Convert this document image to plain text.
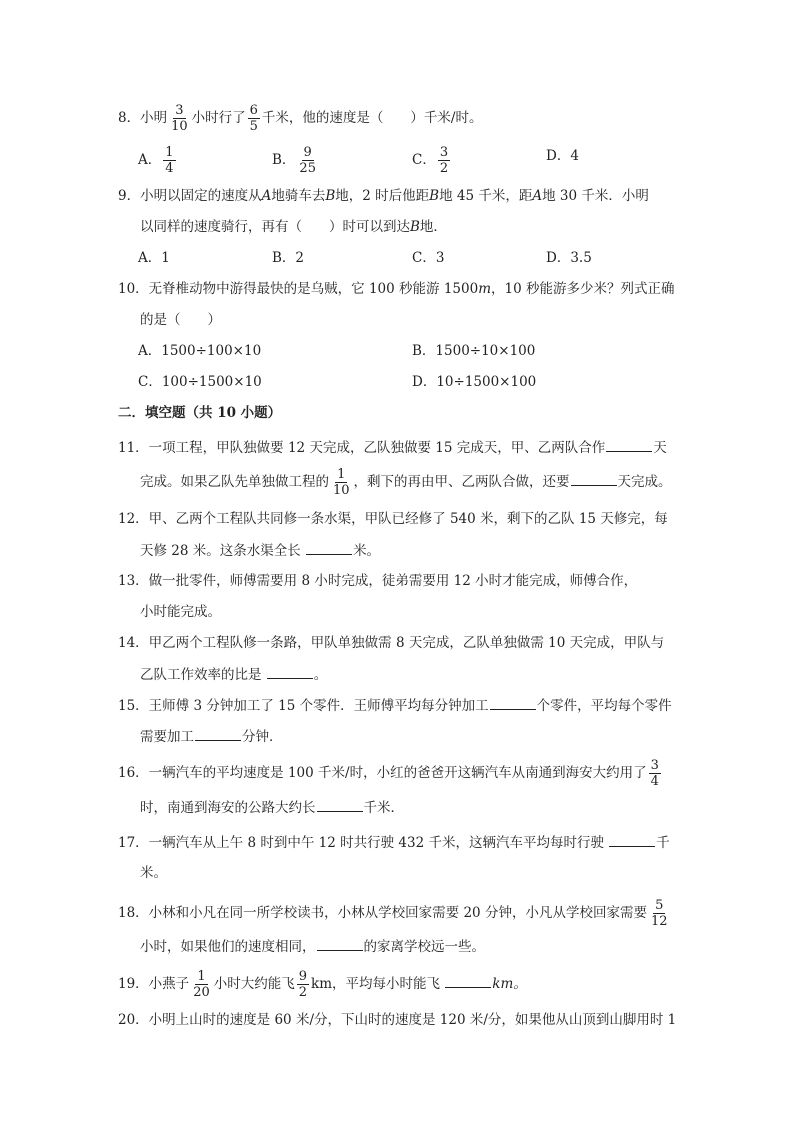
8．小明 $\frac{3}{10}$ 小时行了 $\frac{6}{5}$ 千米，他的速度是（　　）千米/时。
A． $\frac{1}{4}$	B． $\frac{9}{25}$	C． $\frac{3}{2}$	D．4
9．小明以固定的速度从A地骑车去B地，2 时后他距B地 45 千米，距A地 30 千米．小明
以同样的速度骑行，再有（　　）时可以到达B地．
A．1	B．2	C．3	D．3.5
10．无脊椎动物中游得最快的是乌贼，它 100 秒能游 1500m，10 秒能游多少米？列式正确
的是（　　）
A．1500÷100×10	B．1500÷10×100
C．100÷1500×10	D．10÷1500×100
二．填空题（共 10 小题）
11．一项工程，甲队独做要 12 天完成，乙队独做要 15 完成天，甲、乙两队合作	天
完成。如果乙队先单独做工程的 $\frac{1}{10}$ ，剩下的再由甲、乙两队合做，还要	天完成。
12．甲、乙两个工程队共同修一条水渠，甲队已经修了 540 米，剩下的乙队 15 天修完，每
天修 28 米。这条水渠全长	米。
13．做一批零件，师傅需要用 8 小时完成，徒弟需要用 12 小时才能完成，师傅合作，
小时能完成。
14．甲乙两个工程队修一条路，甲队单独做需 8 天完成，乙队单独做需 10 天完成，甲队与
乙队工作效率的比是	。
15．王师傅 3 分钟加工了 15 个零件．王师傅平均每分钟加工	个零件，平均每个零件
需要加工	分钟．
16．一辆汽车的平均速度是 100 千米/时，小红的爸爸开这辆汽车从南通到海安大约用了 $\frac{3}{4}$
时，南通到海安的公路大约长	千米．
17．一辆汽车从上午 8 时到中午 12 时共行驶 432 千米，这辆汽车平均每时行驶	千
米。
18．小林和小凡在同一所学校读书，小林从学校回家需要 20 分钟，小凡从学校回家需要 $\frac{5}{12}$
小时，如果他们的速度相同，	的家离学校远一些。
19．小燕子 $\frac{1}{20}$ 小时大约能飞 $\frac{9}{2}$ km，平均每小时能飞	km。
20．小明上山时的速度是 60 米/分，下山时的速度是 120 米/分，如果他从山顶到山脚用时 1
